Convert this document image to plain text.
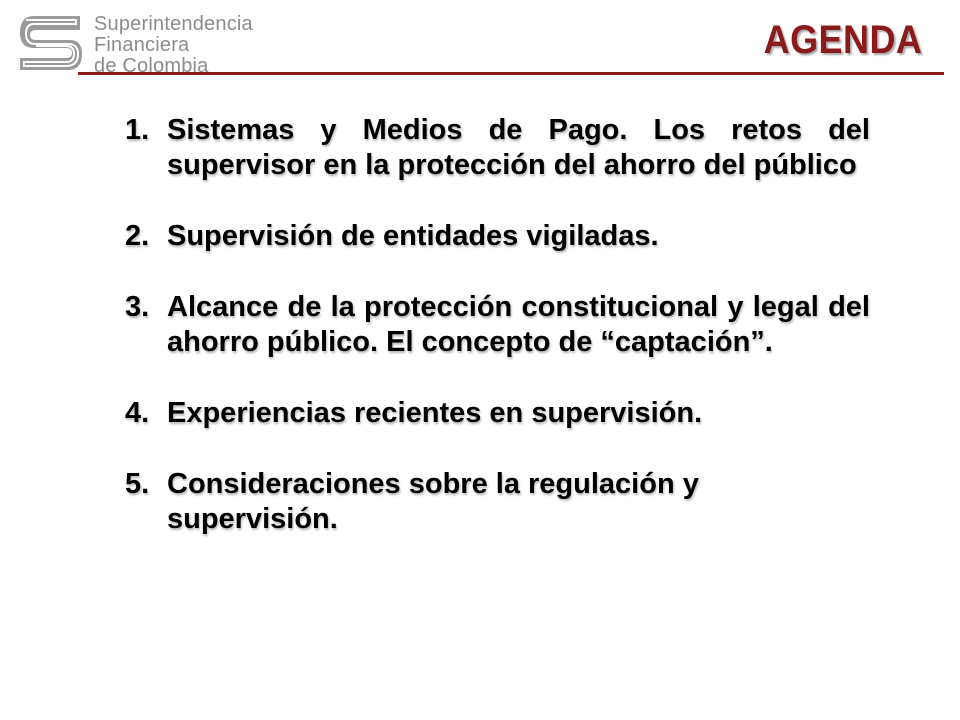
Superintendencia
Financiera
de Colombia
AGENDA
1. Sistemas y Medios de Pago. Los retos del supervisor en la protección del ahorro del público
2. Supervisión de entidades vigiladas.
3. Alcance de la protección constitucional y legal del ahorro público. El concepto de “captación”.
4. Experiencias recientes en supervisión.
5. Consideraciones sobre la regulación y supervisión.
